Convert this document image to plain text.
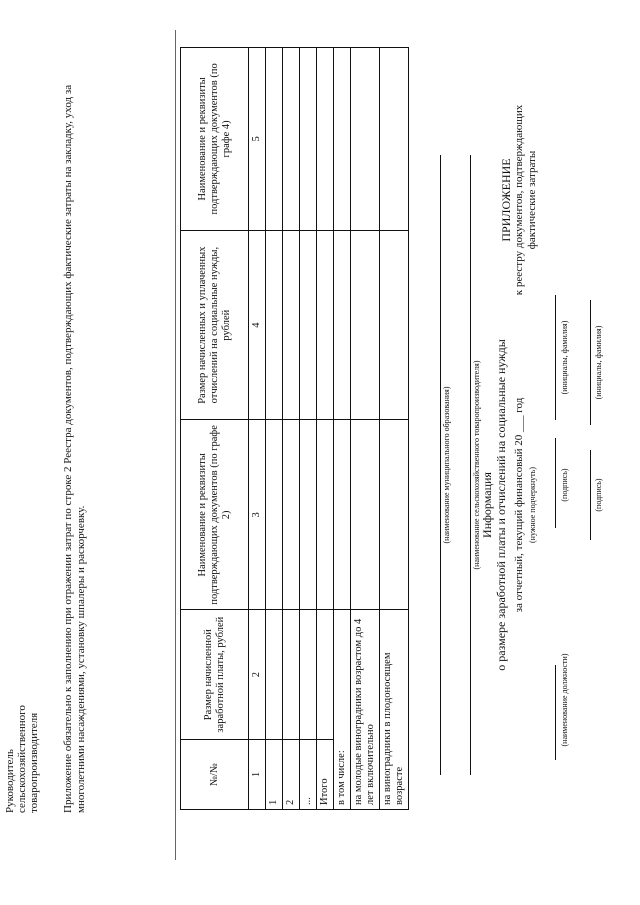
ПРИЛОЖЕНИЕ к реестру документов, подтверждающих фактические затраты
Информация о размере заработной платы и отчислений на социальные нужды за отчетный, текущий финансовый 20 ___ год (нужное подчеркнуть)
(наименование сельскохозяйственного товаропроизводителя)
(наименование муниципального образования)
№/№	Размер начисленной заработной платы, рублей	Наименование и реквизиты подтверждающих документов (по графе 2)	Размер начисленных и уплаченных отчислений на социальные нужды, рублей	Наименование и реквизиты подтверждающих документов (по графе 4)
1	2	3	4	5
1				
2				
...				
Итого				
в том числе:				
на молодые виноградники возрастом до 4 лет включительно				
на виноградники в плодоносящем возрасте				
Приложение обязательно к заполнению при отражении затрат по строке 2 Реестра документов, подтверждающих фактические затраты на закладку, уход за многолетними насаждениями, установку шпалеры и раскорчевку.
Руководитель сельскохозяйственного товаропроизводителя
(наименование должности)
(подпись)
(инициалы, фамилия)
(подпись)
(инициалы, фамилия)
